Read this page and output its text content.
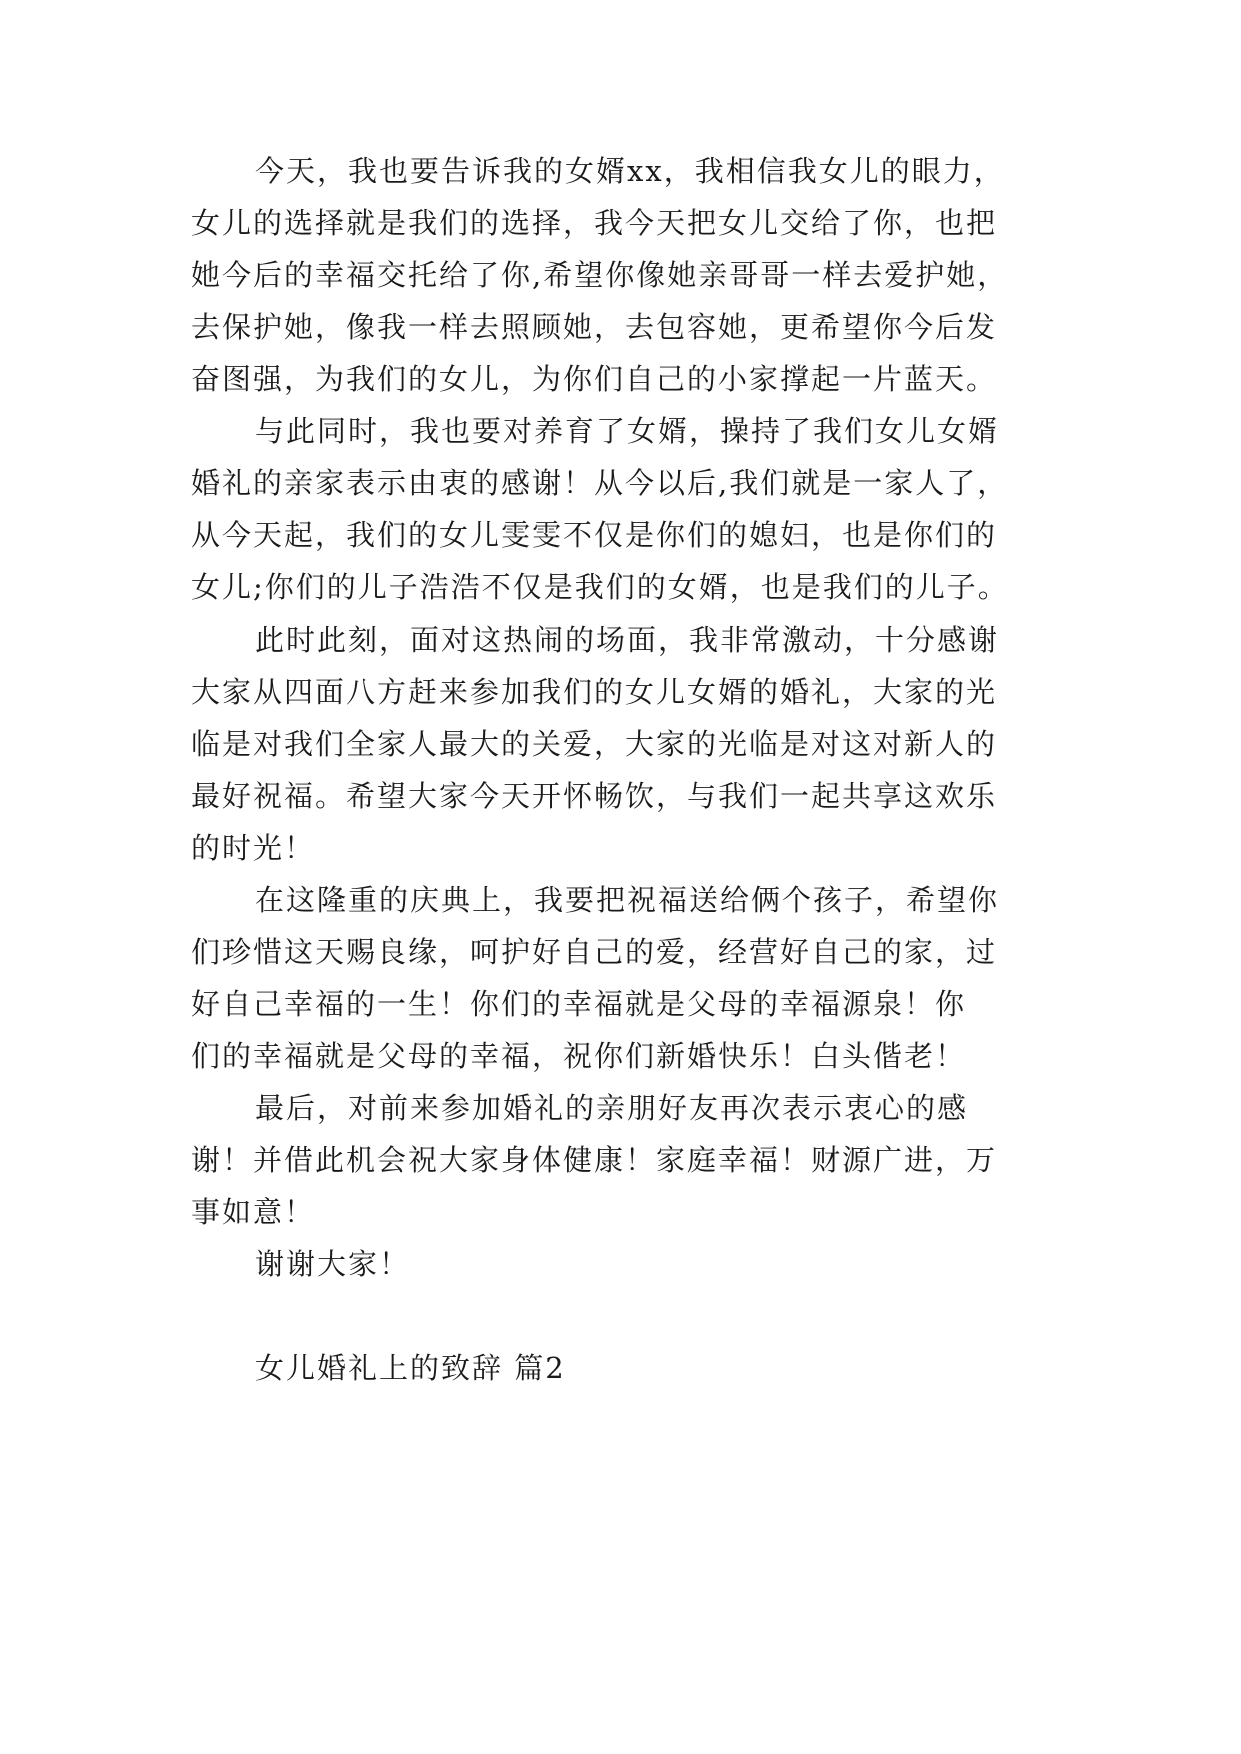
今天，我也要告诉我的女婿xx，我相信我女儿的眼力，
女儿的选择就是我们的选择，我今天把女儿交给了你，也把
她今后的幸福交托给了你,希望你像她亲哥哥一样去爱护她，
去保护她，像我一样去照顾她，去包容她，更希望你今后发
奋图强，为我们的女儿，为你们自己的小家撑起一片蓝天。
与此同时，我也要对养育了女婿，操持了我们女儿女婿
婚礼的亲家表示由衷的感谢！从今以后,我们就是一家人了，
从今天起，我们的女儿雯雯不仅是你们的媳妇，也是你们的
女儿;你们的儿子浩浩不仅是我们的女婿，也是我们的儿子。
此时此刻，面对这热闹的场面，我非常激动，十分感谢
大家从四面八方赶来参加我们的女儿女婿的婚礼，大家的光
临是对我们全家人最大的关爱，大家的光临是对这对新人的
最好祝福。希望大家今天开怀畅饮，与我们一起共享这欢乐
的时光！
在这隆重的庆典上，我要把祝福送给俩个孩子，希望你
们珍惜这天赐良缘，呵护好自己的爱，经营好自己的家，过
好自己幸福的一生！你们的幸福就是父母的幸福源泉！你
们的幸福就是父母的幸福，祝你们新婚快乐！白头偕老！
最后，对前来参加婚礼的亲朋好友再次表示衷心的感
谢！并借此机会祝大家身体健康！家庭幸福！财源广进，万
事如意！
谢谢大家！
女儿婚礼上的致辞 篇2
